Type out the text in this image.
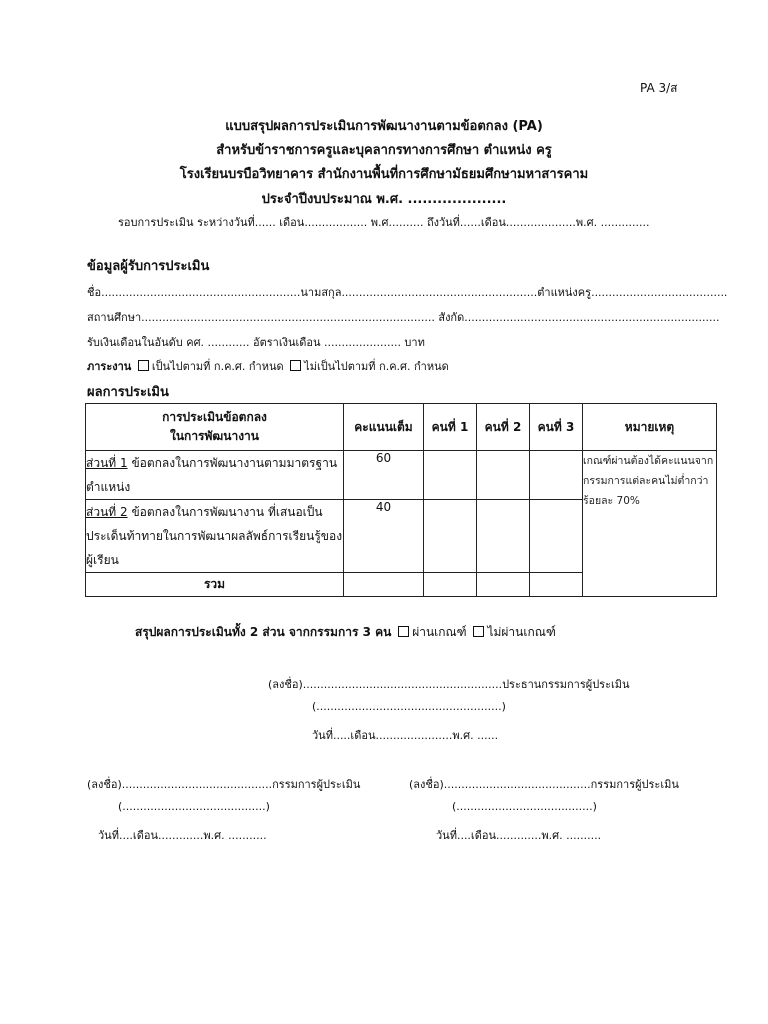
PA 3/ส
แบบสรุปผลการประเมินการพัฒนางานตามข้อตกลง (PA)
สำหรับข้าราชการครูและบุคลากรทางการศึกษา ตำแหน่ง ครู
โรงเรียนบรบือวิทยาคาร สำนักงานพื้นที่การศึกษามัธยมศึกษามหาสารคาม
ประจำปีงบประมาณ พ.ศ. ....................
รอบการประเมิน ระหว่างวันที่...... เดือน.................. พ.ศ.......... ถึงวันที่......เดือน....................พ.ศ. ..............
ข้อมูลผู้รับการประเมิน
ชื่อ.........................................................นามสกุล........................................................ตำแหน่งครู.......................................
สถานศึกษา.................................................................................... สังกัด.........................................................................
รับเงินเดือนในอันดับ คศ. ............ อัตราเงินเดือน ...................... บาท
ภาระงาน เป็นไปตามที่ ก.ค.ศ. กำหนด ไม่เป็นไปตามที่ ก.ค.ศ. กำหนด
ผลการประเมิน
การประเมินข้อตกลง
ในการพัฒนางาน	คะแนนเต็ม	คนที่ 1	คนที่ 2	คนที่ 3	หมายเหตุ
ส่วนที่ 1 ข้อตกลงในการพัฒนางานตามมาตรฐานตำแหน่ง	60				เกณฑ์ผ่านต้องได้คะแนนจากกรรมการแต่ละคนไม่ต่ำกว่าร้อยละ 70%
ส่วนที่ 2 ข้อตกลงในการพัฒนางาน ที่เสนอเป็นประเด็นท้าทายในการพัฒนาผลลัพธ์การเรียนรู้ของผู้เรียน	40				
รวม					
สรุปผลการประเมินทั้ง 2 ส่วน จากกรรมการ 3 คน ผ่านเกณฑ์ ไม่ผ่านเกณฑ์
(ลงชื่อ).........................................................ประธานกรรมการผู้ประเมิน
(.....................................................)
วันที่.....เดือน......................พ.ศ. ......
(ลงชื่อ)...........................................กรรมการผู้ประเมิน
(.........................................)
วันที่....เดือน.............พ.ศ. ...........
(ลงชื่อ)..........................................กรรมการผู้ประเมิน
(.......................................)
วันที่....เดือน.............พ.ศ. ..........
